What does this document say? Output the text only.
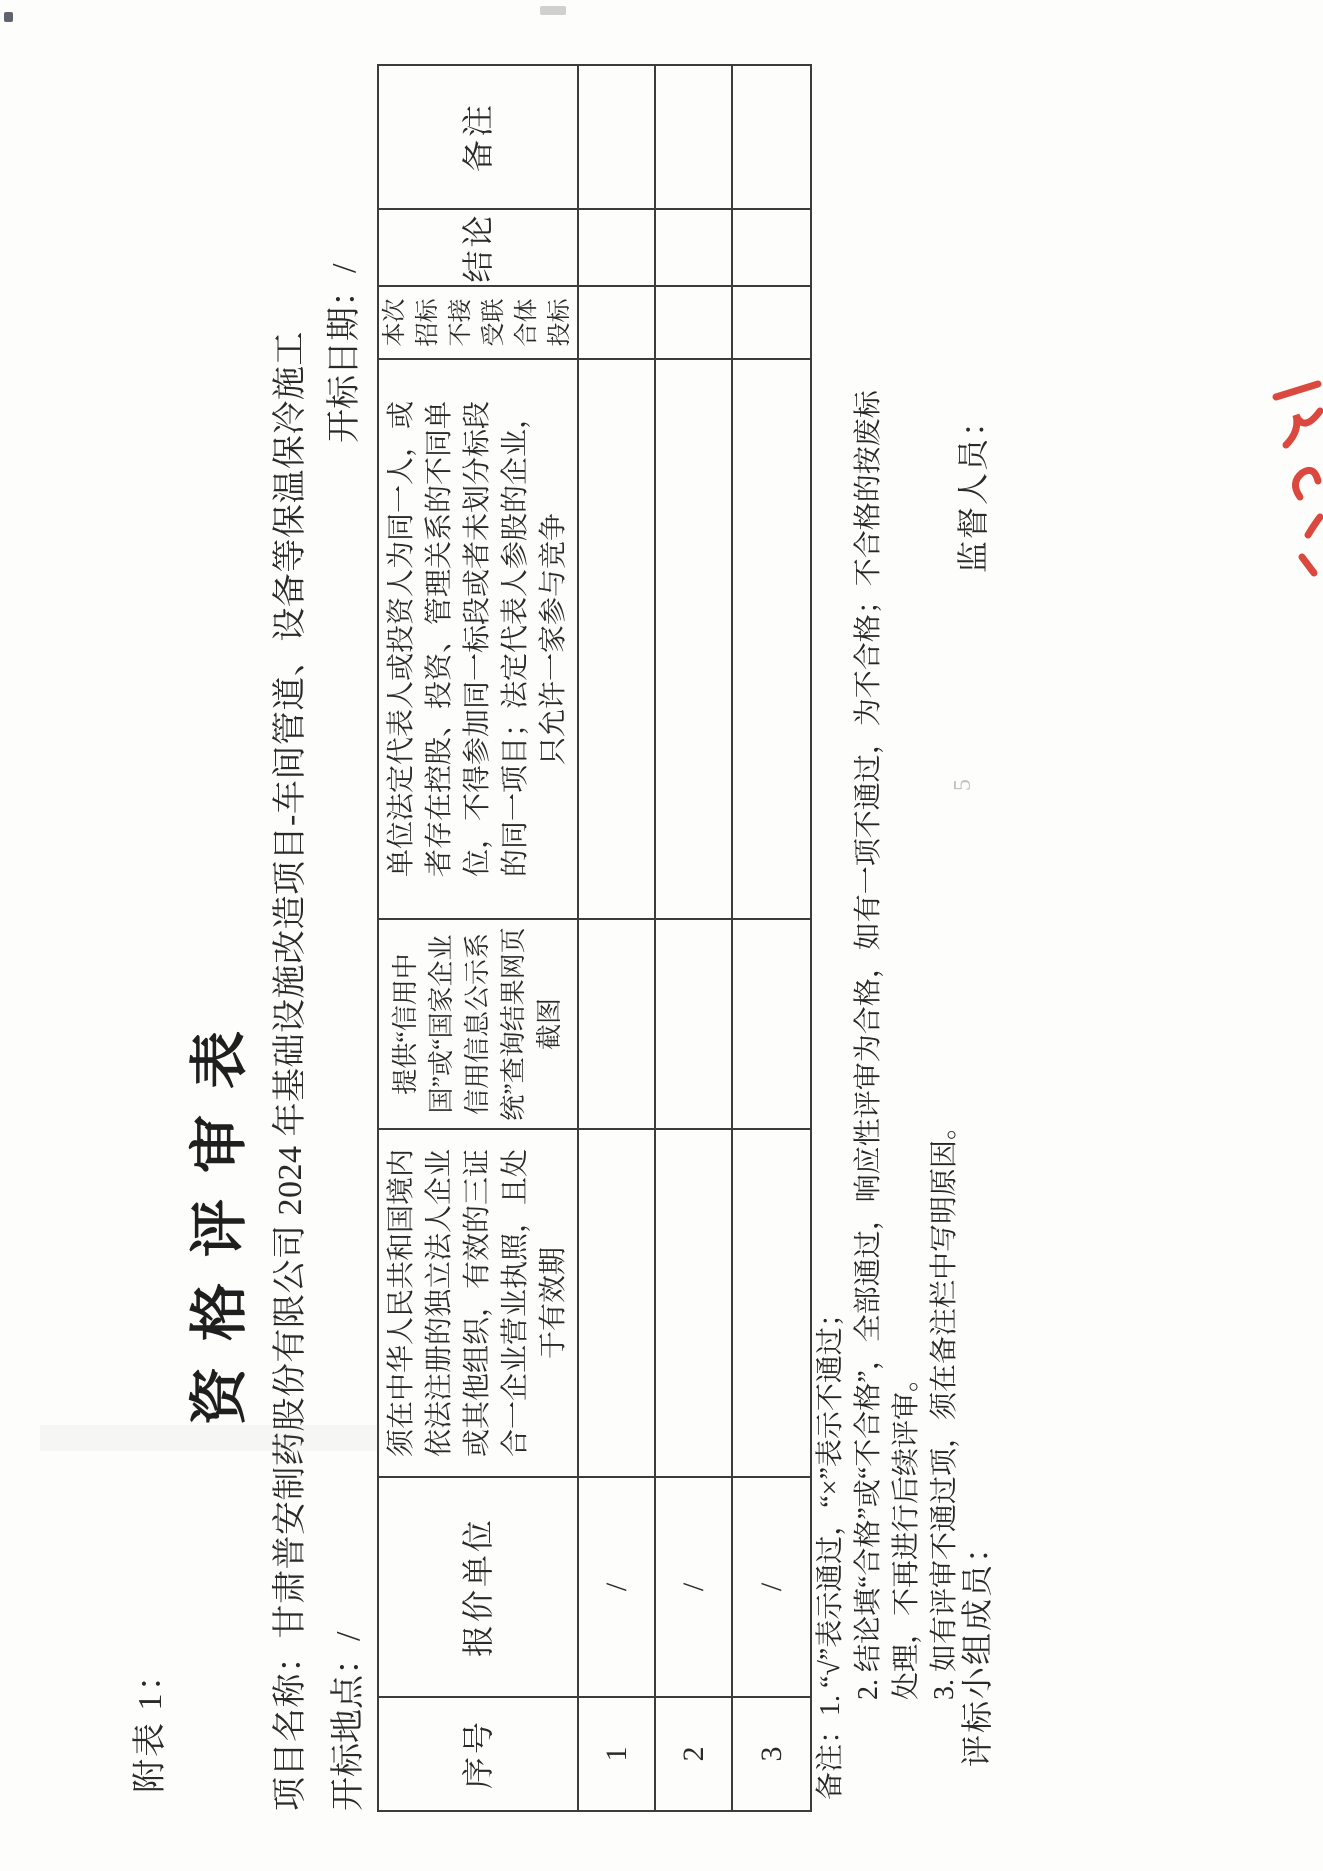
附表 1：
资格评审表 项目名称：甘肃普安制药股份有限公司 2024 年基础设施改造项目-车间管道、设备等保温保冷施工 开标地点：/
开标日期：/
序号
报价单位
须在中华人民共和国境内依法注册的独立法人企业或其他组织，有效的三证合一企业营业执照，且处于有效期
提供“信用中国”或“国家企业信用信息公示系统”查询结果网页截图
单位法定代表人或投资人为同一人，或者存在控股、投资、管理关系的不同单位，不得参加同一标段或者未划分标段的同一项目；法定代表人参股的企业，只允许一家参与竞争
本次招标不接受联合体投标
结论
备注
1
/
2
/
3
/
备注：
1. “√”表示通过，“×”表示不通过； 2. 结论填“合格”或“不合格”，全部通过，响应性评审为合格，如有一项不通过，为不合格；不合格的按废标处理，不再进行后续评审。 3. 如有评审不通过项，须在备注栏中写明原因。 评标小组成员：
监督人员：
5
